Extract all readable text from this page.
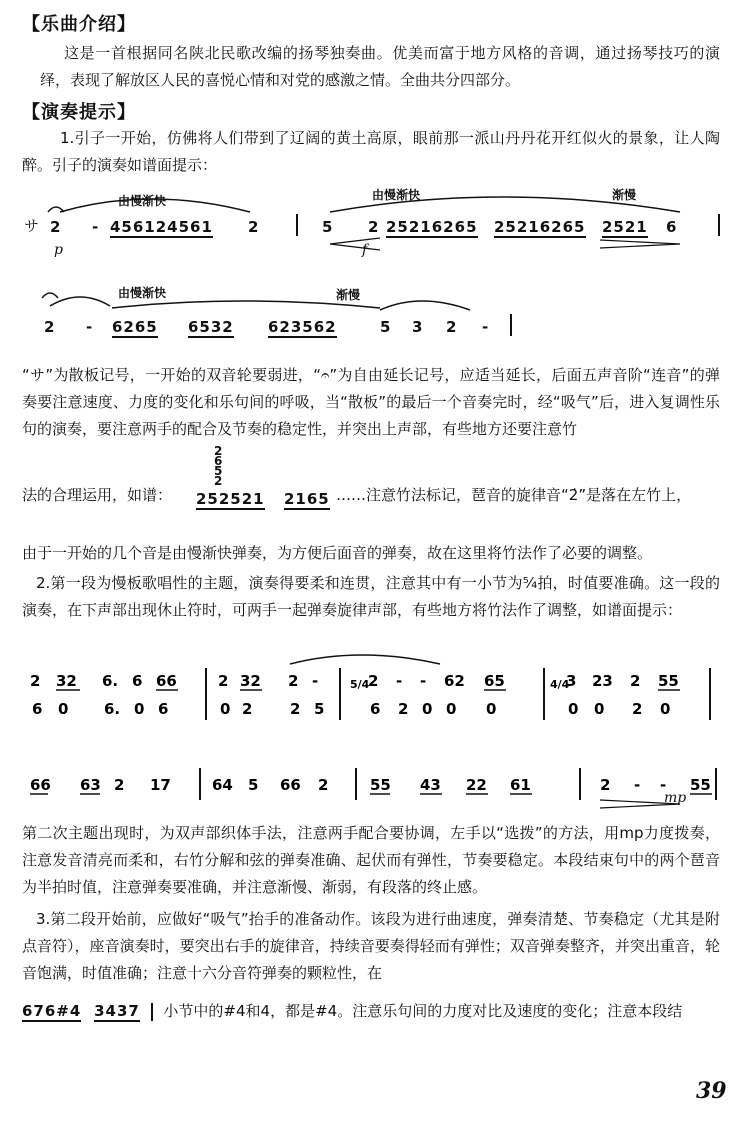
【乐曲介绍】
这是一首根据同名陕北民歌改编的扬琴独奏曲。优美而富于地方风格的音调，通过扬琴技巧的演绎，表现了解放区人民的喜悦心情和对党的感激之情。全曲共分四部分。
【演奏提示】
1.引子一开始，仿佛将人们带到了辽阔的黄土高原，眼前那一派山丹丹花开红似火的景象，让人陶醉。引子的演奏如谱面提示：
サ
由慢渐快	由慢渐快	渐慢
2 - 456124561 2	5 2 25216265 25216265 2521 6
p	f
由慢渐快	渐慢
2 - 6265 6532 623562	5 3 2 -
“サ”为散板记号，一开始的双音轮要弱进，“𝄐”为自由延长记号，应适当延长，后面五声音阶“连音”的弹奏要注意速度、力度的变化和乐句间的呼吸，当“散板”的最后一个音奏完时，经“吸气”后，进入复调性乐句的演奏，要注意两手的配合及节奏的稳定性，并突出上声部，有些地方还要注意竹
法的合理运用，如谱：
2
6
5
2
252521 2165 ……注意竹法标记，琶音的旋律音“2̇”是落在左竹上，
由于一开始的几个音是由慢渐快弹奏，为方便后面音的弹奏，故在这里将竹法作了必要的调整。
2.第一段为慢板歌唱性的主题，演奏得要柔和连贯，注意其中有一小节为⁵⁄₄拍，时值要准确。这一段的演奏，在下声部出现休止符时，可两手一起弹奏旋律声部，有些地方将竹法作了调整，如谱面提示：
2 32 6. 6 66	2 32 2 -	2 - - 62 65	3 23 2 55
6 0 6. 0 6	0 2	2 5	6 2 0 0 0	0 0 2 0
5/4	4/4
66 63 2 17	64 5 66 2	55 43 22 61	2 - - 55
mp
第二次主题出现时，为双声部织体手法，注意两手配合要协调，左手以“选拨”的方法，用mp力度拨奏，注意发音清亮而柔和，右竹分解和弦的弹奏准确、起伏而有弹性，节奏要稳定。本段结束句中的两个琶音为半拍时值，注意弹奏要准确，并注意渐慢、渐弱，有段落的终止感。
3.第二段开始前，应做好“吸气”抬手的准备动作。该段为进行曲速度，弹奏清楚、节奏稳定（尤其是附点音符），座音演奏时，要突出右手的旋律音，持续音要奏得轻而有弹性；双音弹奏整齐，并突出重音，轮音饱满，时值准确；注意十六分音符弹奏的颗粒性，在
676#4 3437 小节中的#4和4，都是#4。注意乐句间的力度对比及速度的变化；注意本段结
39
